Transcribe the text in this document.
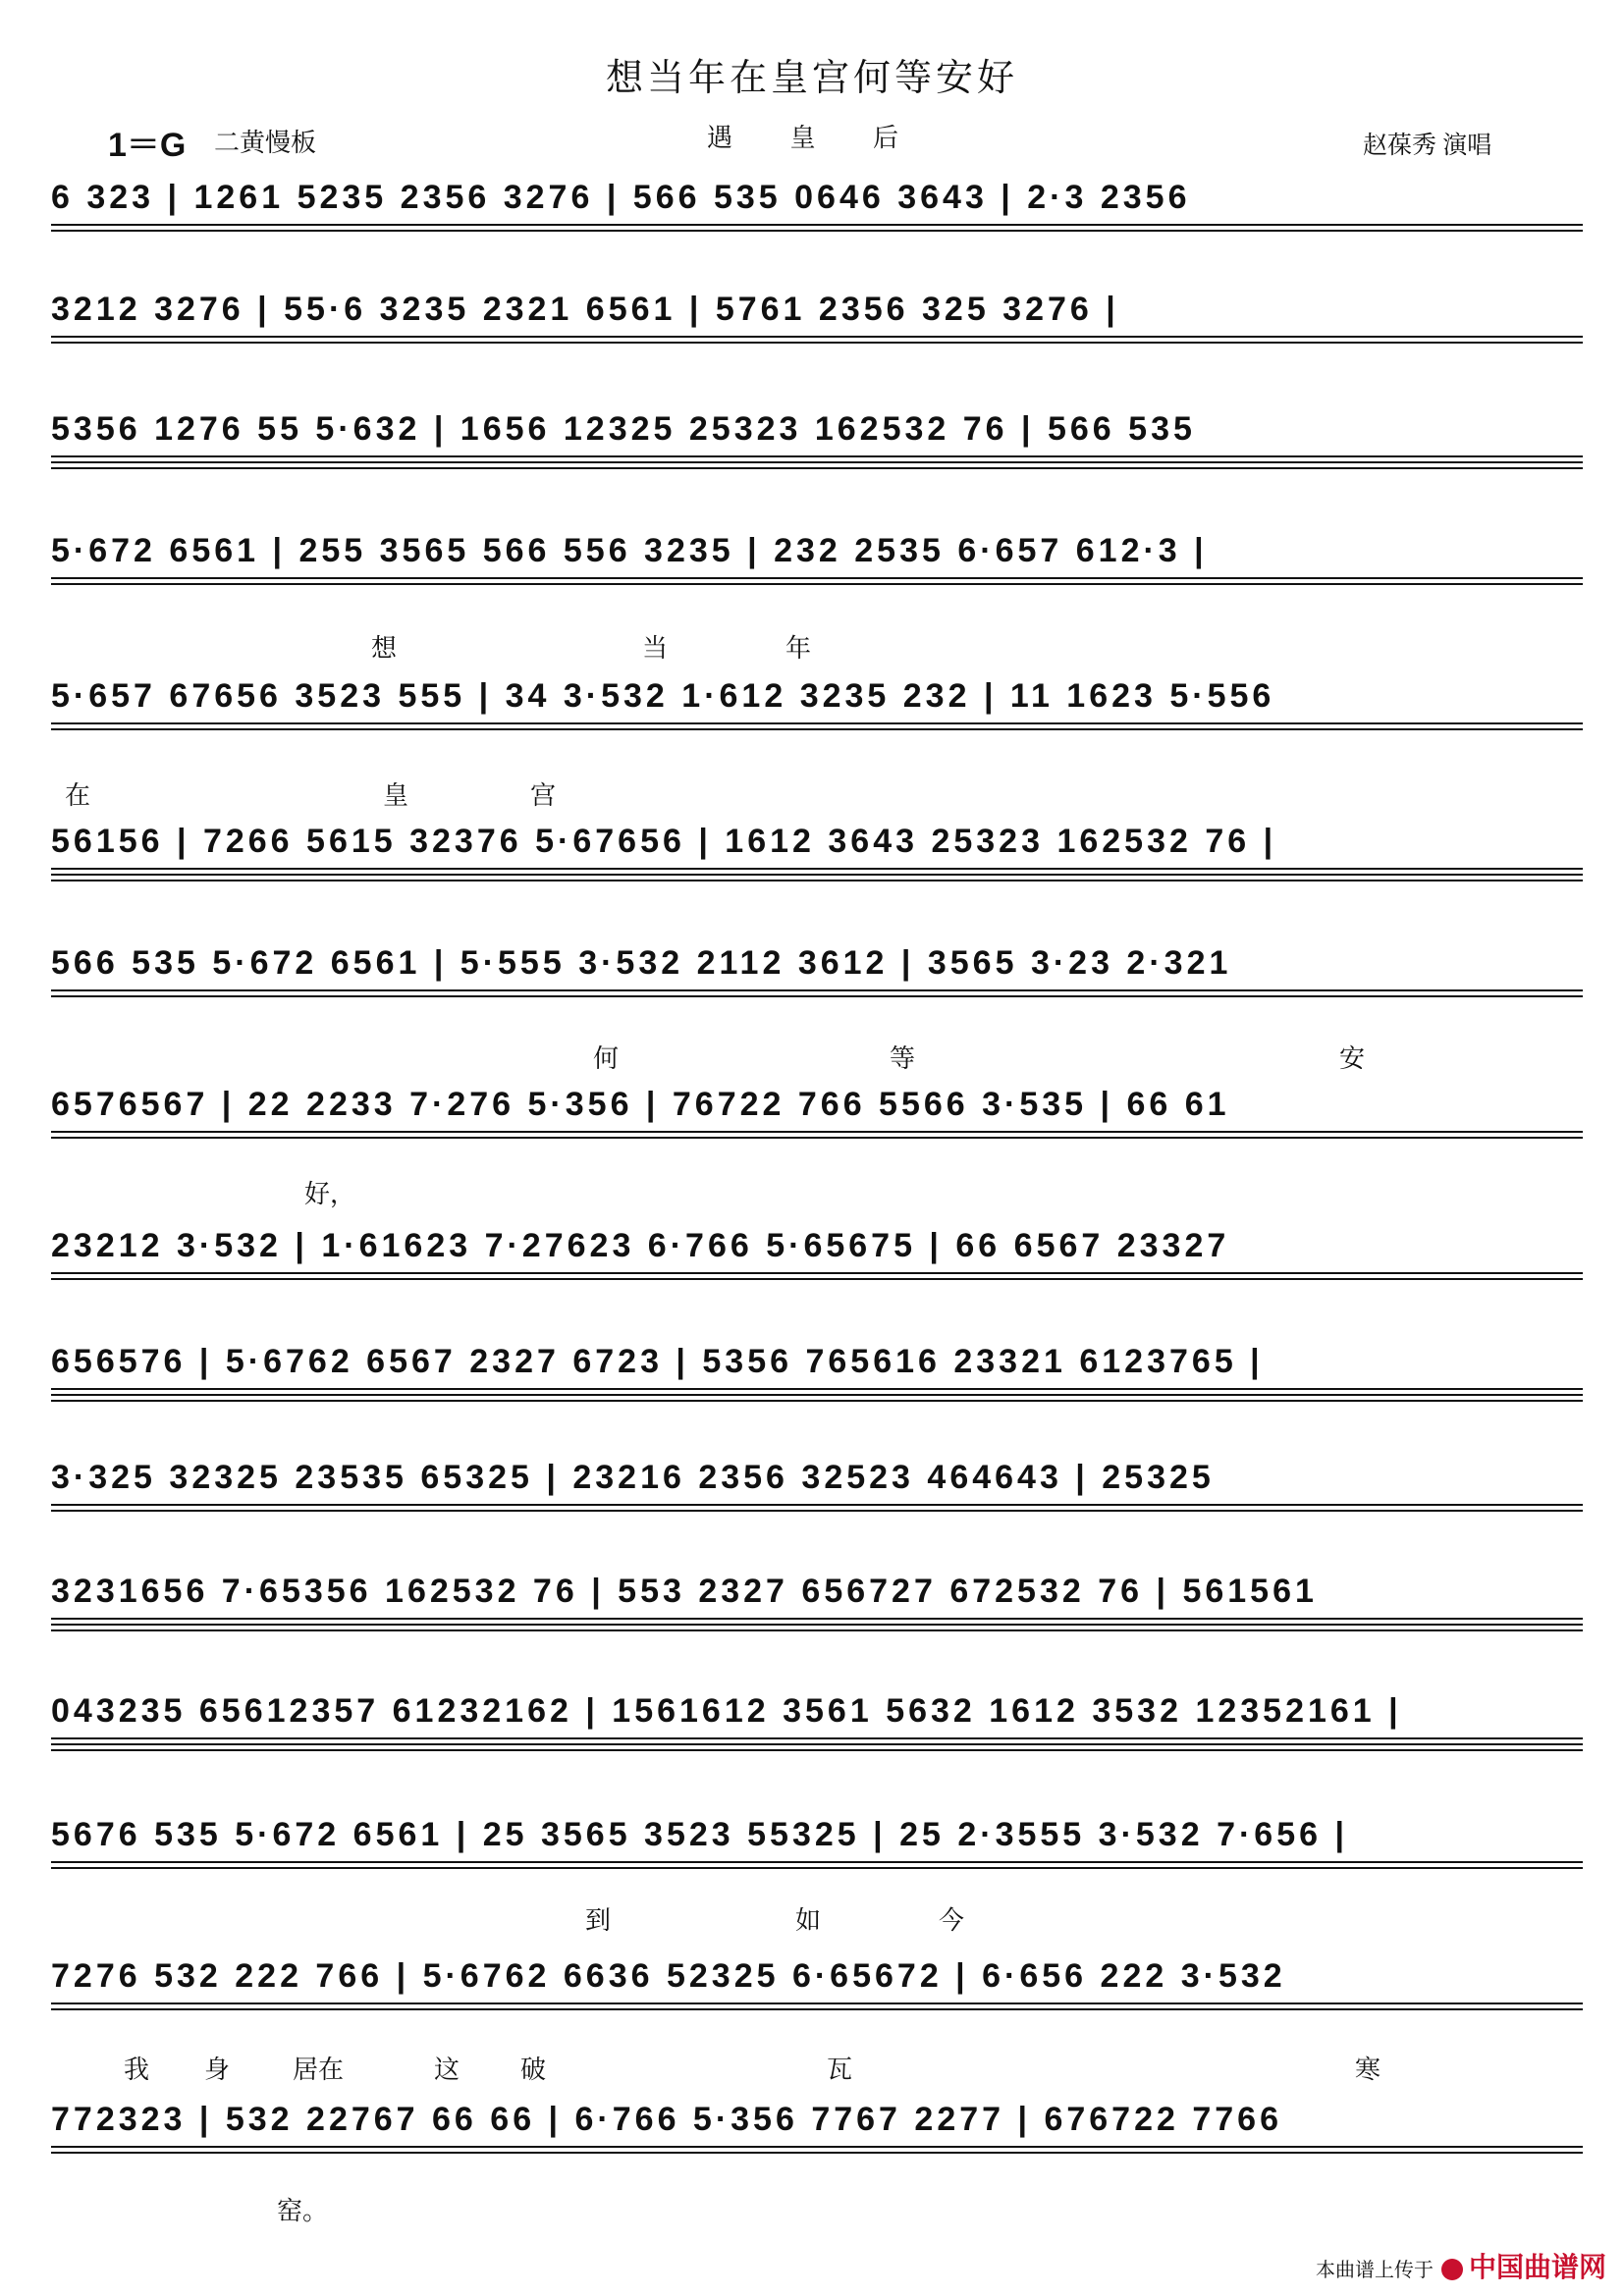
想当年在皇宫何等安好
1＝G 二黄慢板	遇 皇 后	赵葆秀 演唱
6 323 | 1261 5235 2356 3276 | 566 535 0646 3643 | 2·3 2356
3212 3276 | 55·6 3235 2321 6561 | 5761 2356 325 3276 |
5356 1276 55 5·632 | 1656 12325 25323 162532 76 | 566 535
5·672 6561 | 255 3565 566 556 3235 | 232 2535 6·657 612·3 |
想	当	年
5·657 67656 3523 555 | 34 3·532 1·612 3235 232 | 11 1623 5·556
在	皇	宫
56156 | 7266 5615 32376 5·67656 | 1612 3643 25323 162532 76 |
566 535 5·672 6561 | 5·555 3·532 2112 3612 | 3565 3·23 2·321
何	等	安
6576567 | 22 2233 7·276 5·356 | 76722 766 5566 3·535 | 66 61
好，
23212 3·532 | 1·61623 7·27623 6·766 5·65675 | 66 6567 23327
656576 | 5·6762 6567 2327 6723 | 5356 765616 23321 6123765 |
3·325 32325 23535 65325 | 23216 2356 32523 464643 | 25325
3231656 7·65356 162532 76 | 553 2327 656727 672532 76 | 561561
043235 65612357 61232162 | 1561612 3561 5632 1612 3532 12352161 |
5676 535 5·672 6561 | 25 3565 3523 55325 | 25 2·3555 3·532 7·656 |
到	如	今
7276 532 222 766 | 5·6762 6636 52325 6·65672 | 6·656 222 3·532
我 身 居在	这 破	瓦	寒
772323 | 532 22767 66 66 | 6·766 5·356 7767 2277 | 676722 7766
窑。
本曲谱上传于	中国曲谱网
